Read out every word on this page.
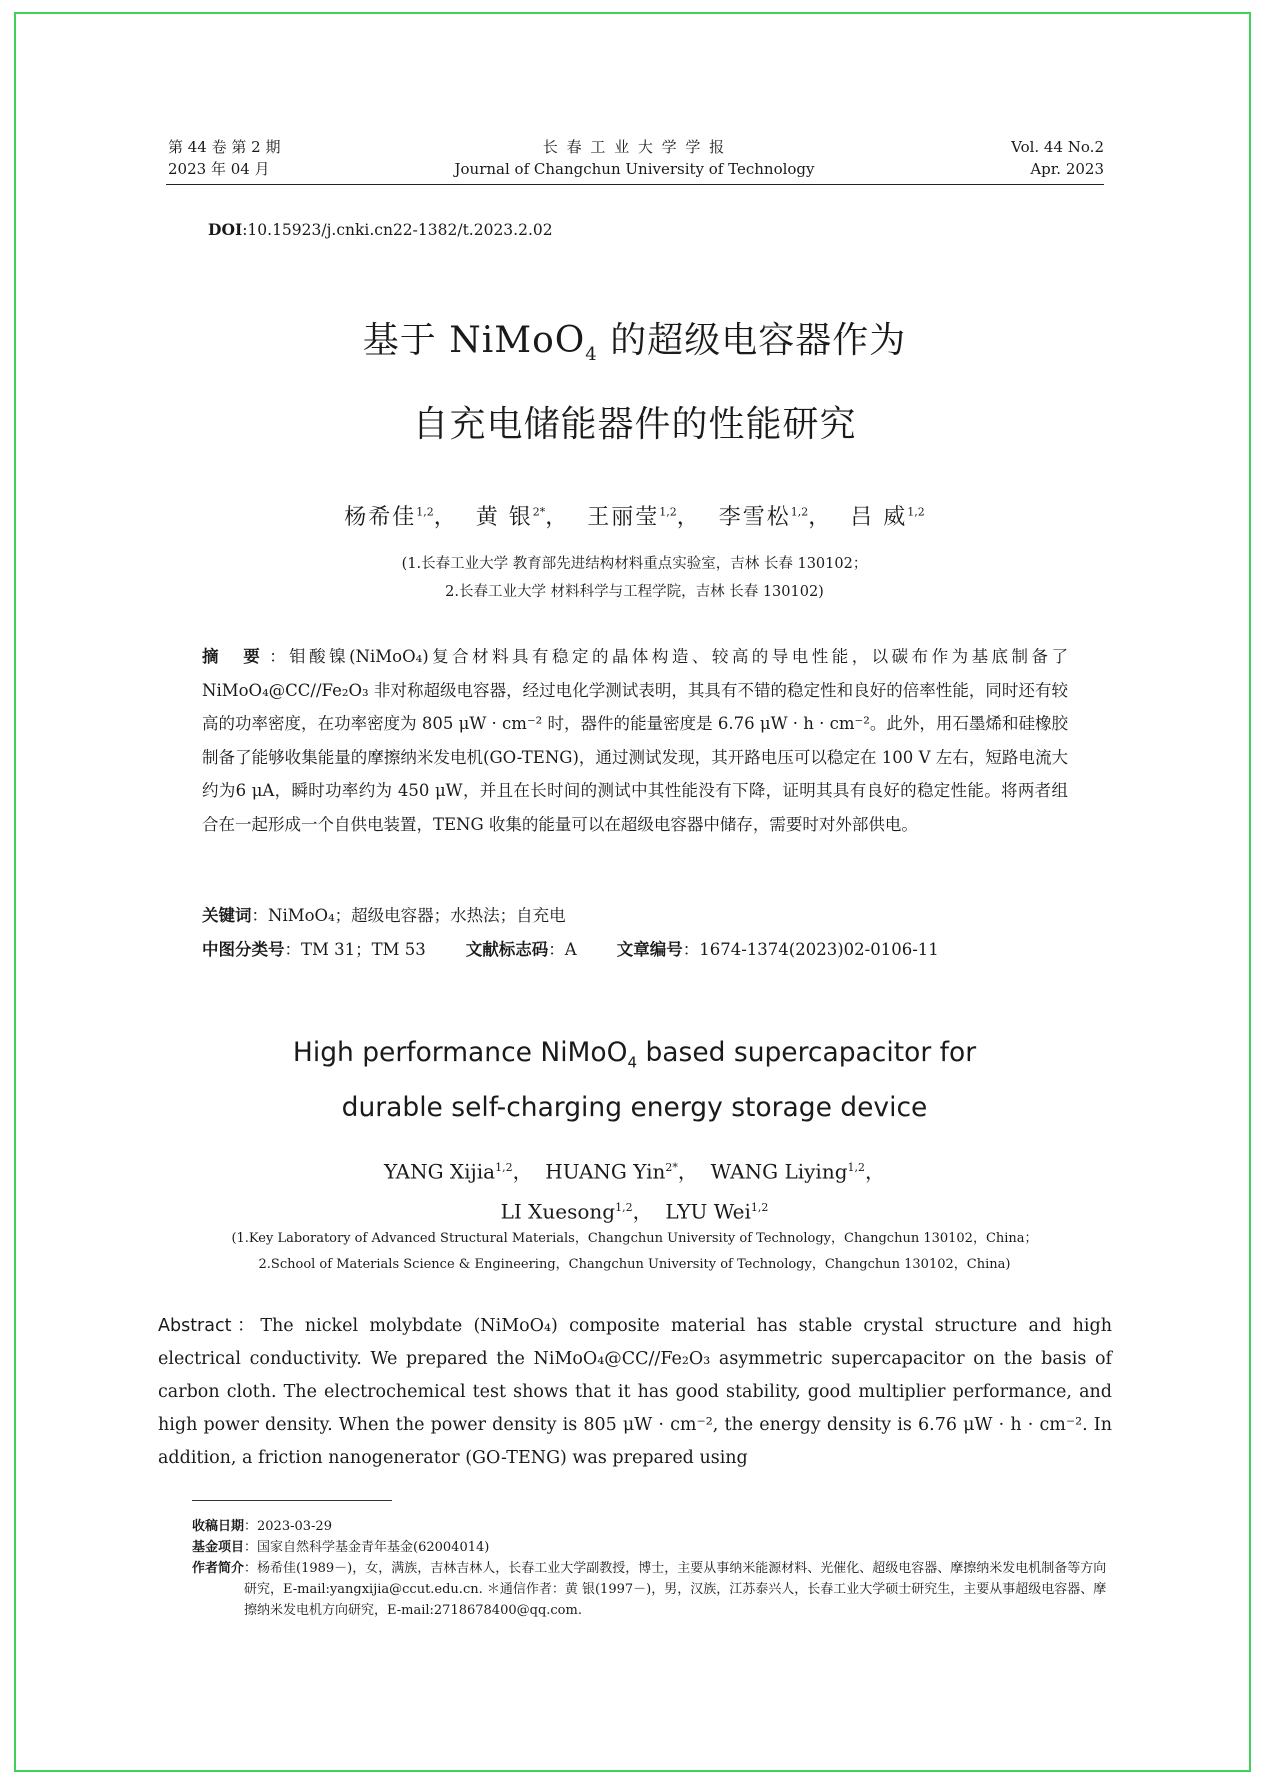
第 44 卷 第 2 期
2023 年 04 月
长 春 工 业 大 学 学 报
Journal of Changchun University of Technology
Vol. 44 No.2
Apr. 2023
DOI:10.15923/j.cnki.cn22-1382/t.2023.2.02
基于 NiMoO$_4$ 的超级电容器作为
自充电储能器件的性能研究
杨希佳$^{1,2}$，  黄 银$^{2*}$，  王丽莹$^{1,2}$，  李雪松$^{1,2}$，  吕 威$^{1,2}$
(1.长春工业大学 教育部先进结构材料重点实验室，吉林 长春 130102；
2.长春工业大学 材料科学与工程学院，吉林 长春 130102)
摘 要：钼酸镍(NiMoO₄)复合材料具有稳定的晶体构造、较高的导电性能，以碳布作为基底制备了 NiMoO₄@CC//Fe₂O₃ 非对称超级电容器，经过电化学测试表明，其具有不错的稳定性和良好的倍率性能，同时还有较高的功率密度，在功率密度为 805 μW · cm⁻² 时，器件的能量密度是 6.76 μW · h · cm⁻²。此外，用石墨烯和硅橡胶制备了能够收集能量的摩擦纳米发电机(GO-TENG)，通过测试发现，其开路电压可以稳定在 100 V 左右，短路电流大约为6 μA，瞬时功率约为 450 μW，并且在长时间的测试中其性能没有下降，证明其具有良好的稳定性能。将两者组合在一起形成一个自供电装置，TENG 收集的能量可以在超级电容器中储存，需要时对外部供电。
关键词：NiMoO₄；超级电容器；水热法；自充电
中图分类号：TM 31；TM 53 文献标志码：A 文章编号：1674-1374(2023)02-0106-11
High performance NiMoO$_4$ based supercapacitor for
durable self-charging energy storage device
YANG Xijia$^{1,2}$，  HUANG Yin$^{2*}$，  WANG Liying$^{1,2}$，
LI Xuesong$^{1,2}$，  LYU Wei$^{1,2}$
(1.Key Laboratory of Advanced Structural Materials，Changchun University of Technology，Changchun 130102，China；
2.School of Materials Science & Engineering，Changchun University of Technology，Changchun 130102，China)
Abstract：The nickel molybdate (NiMoO₄) composite material has stable crystal structure and high electrical conductivity. We prepared the NiMoO₄@CC//Fe₂O₃ asymmetric supercapacitor on the basis of carbon cloth. The electrochemical test shows that it has good stability, good multiplier performance, and high power density. When the power density is 805 μW · cm⁻², the energy density is 6.76 μW · h · cm⁻². In addition, a friction nanogenerator (GO-TENG) was prepared using
收稿日期 ：2023-03-29
基金项目 ：国家自然科学基金青年基金(62004014)
作者简介 ：杨希佳(1989－)，女，满族，吉林吉林人，长春工业大学副教授，博士，主要从事纳米能源材料、光催化、超级电容器、摩擦纳米发电机制备等方向研究，E-mail:yangxijia@ccut.edu.cn. ＊通信作者：黄 银(1997－)，男，汉族，江苏泰兴人，长春工业大学硕士研究生，主要从事超级电容器、摩擦纳米发电机方向研究，E-mail:2718678400@qq.com.
